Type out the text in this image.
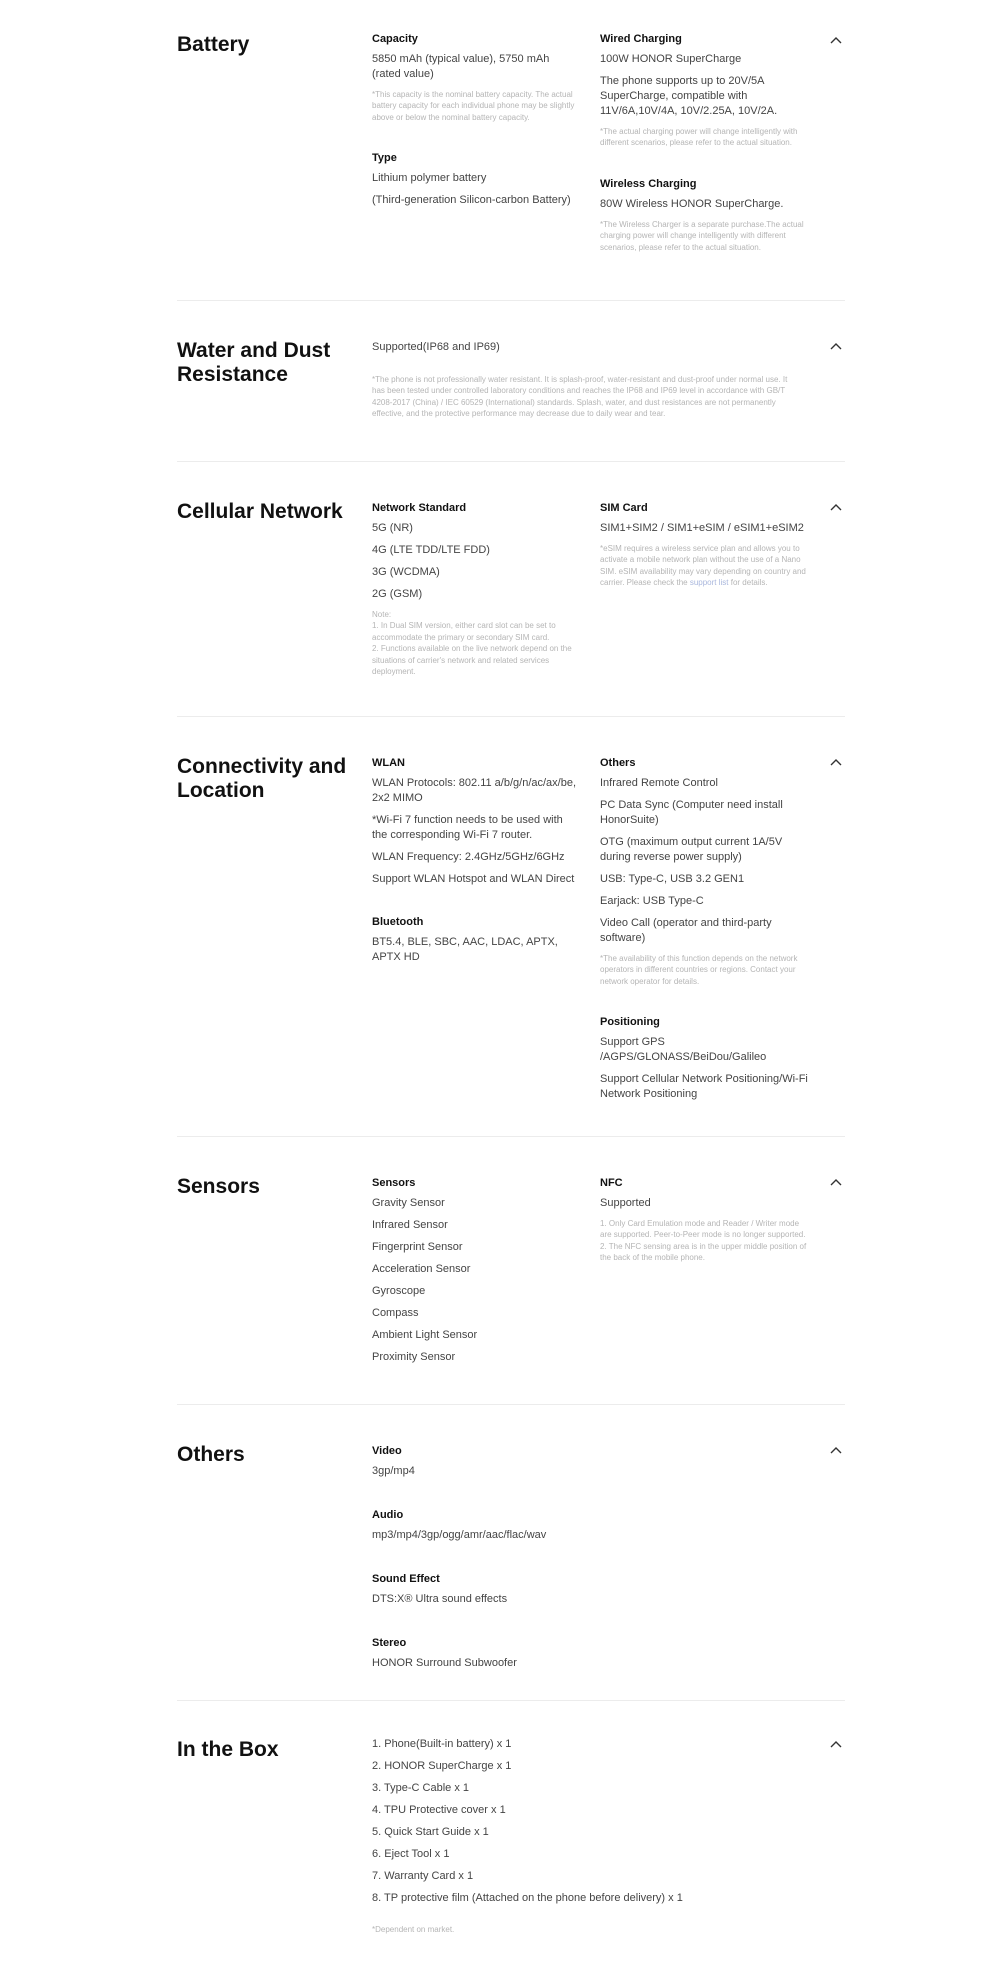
Battery	Capacity
5850 mAh (typical value), 5750 mAh (rated value)
*This capacity is the nominal battery capacity. The actual battery capacity for each individual phone may be slightly above or below the nominal battery capacity.
Type
Lithium polymer battery
(Third-generation Silicon-carbon Battery)
Wired Charging
100W HONOR SuperCharge
The phone supports up to 20V/5A SuperCharge, compatible with 11V/6A,10V/4A, 10V/2.25A, 10V/2A.
*The actual charging power will change intelligently with different scenarios, please refer to the actual situation.
Wireless Charging
80W Wireless HONOR SuperCharge.
*The Wireless Charger is a separate purchase.The actual charging power will change intelligently with different scenarios, please refer to the actual situation.
Water and Dust Resistance
Supported(IP68 and IP69)
*The phone is not professionally water resistant. It is splash-proof, water-resistant and dust-proof under normal use. It has been tested under controlled laboratory conditions and reaches the IP68 and IP69 level in accordance with GB/T 4208-2017 (China) / IEC 60529 (International) standards. Splash, water, and dust resistances are not permanently effective, and the protective performance may decrease due to daily wear and tear.
Cellular Network	Network Standard
5G (NR)
4G (LTE TDD/LTE FDD)
3G (WCDMA)
2G (GSM)
Note:
1. In Dual SIM version, either card slot can be set to accommodate the primary or secondary SIM card.
2. Functions available on the live network depend on the situations of carrier's network and related services deployment.
SIM Card
SIM1+SIM2 / SIM1+eSIM / eSIM1+eSIM2
*eSIM requires a wireless service plan and allows you to activate a mobile network plan without the use of a Nano SIM. eSIM availability may vary depending on country and carrier. Please check the support list for details.
Connectivity and Location
WLAN
WLAN Protocols: 802.11 a/b/g/n/ac/ax/be, 2x2 MIMO
*Wi-Fi 7 function needs to be used with the corresponding Wi-Fi 7 router.
WLAN Frequency: 2.4GHz/5GHz/6GHz
Support WLAN Hotspot and WLAN Direct
Bluetooth
BT5.4, BLE, SBC, AAC, LDAC, APTX, APTX HD
Others
Infrared Remote Control
PC Data Sync (Computer need install HonorSuite)
OTG (maximum output current 1A/5V during reverse power supply)
USB: Type-C, USB 3.2 GEN1
Earjack: USB Type-C
Video Call (operator and third-party software)
*The availability of this function depends on the network operators in different countries or regions. Contact your network operator for details.
Positioning
Support GPS /AGPS/GLONASS/BeiDou/Galileo
Support Cellular Network Positioning/Wi-Fi Network Positioning
Sensors	Sensors
Gravity Sensor
Infrared Sensor
Fingerprint Sensor
Acceleration Sensor
Gyroscope
Compass
Ambient Light Sensor
Proximity Sensor
NFC
Supported
1. Only Card Emulation mode and Reader / Writer mode are supported. Peer-to-Peer mode is no longer supported.
2. The NFC sensing area is in the upper middle position of the back of the mobile phone.
Others	Video
3gp/mp4
Audio
mp3/mp4/3gp/ogg/amr/aac/flac/wav
Sound Effect
DTS:X® Ultra sound effects
Stereo
HONOR Surround Subwoofer
In the Box	1. Phone(Built-in battery) x 1
2. HONOR SuperCharge x 1
3. Type-C Cable x 1
4. TPU Protective cover x 1
5. Quick Start Guide x 1
6. Eject Tool x 1
7. Warranty Card x 1
8. TP protective film (Attached on the phone before delivery) x 1
*Dependent on market.
